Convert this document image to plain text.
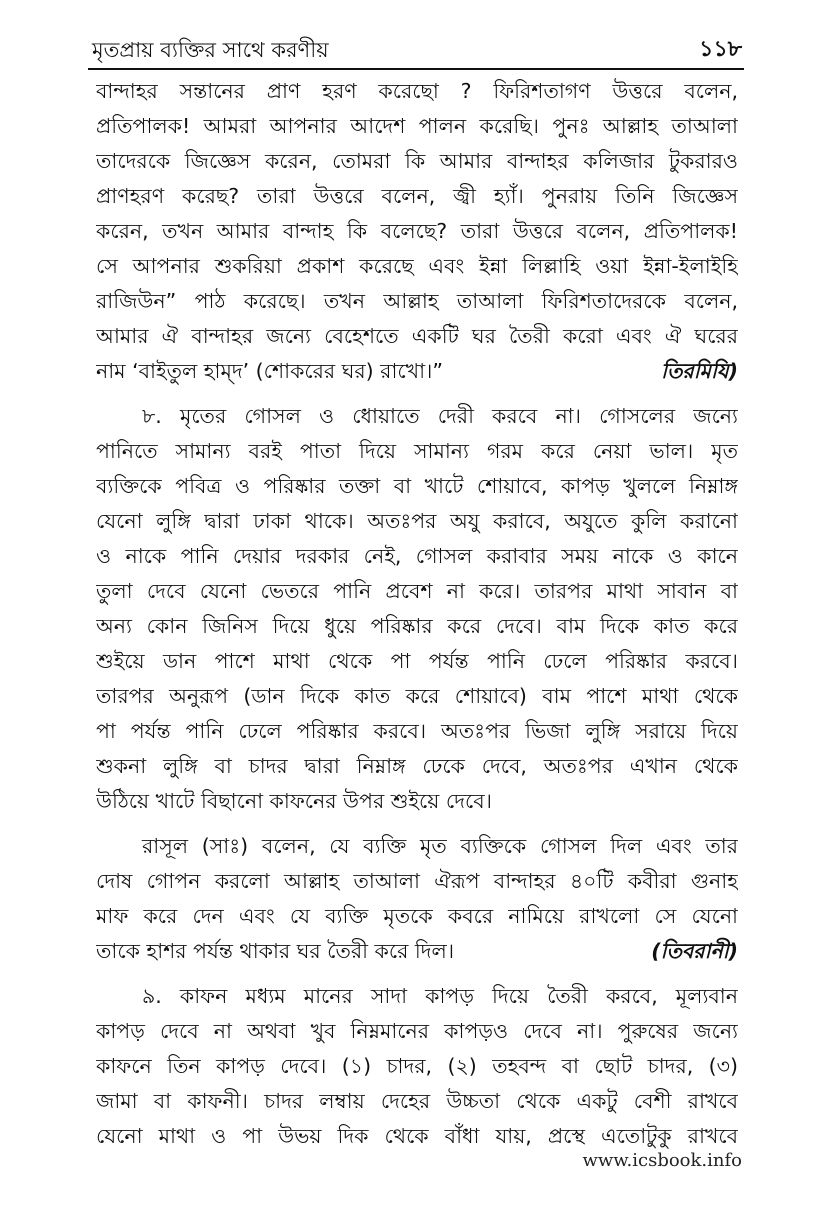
মৃতপ্রায় ব্যক্তির সাথে করণীয়	১১৮

বান্দাহর সন্তানের প্রাণ হরণ করেছো ? ফিরিশতাগণ উত্তরে বলেন,
প্রতিপালক! আমরা আপনার আদেশ পালন করেছি। পুনঃ আল্লাহ তাআলা
তাদেরকে জিজ্ঞেস করেন, তোমরা কি আমার বান্দাহর কলিজার টুকরারও
প্রাণহরণ করেছ? তারা উত্তরে বলেন, জ্বী হ্যাঁ। পুনরায় তিনি জিজ্ঞেস
করেন, তখন আমার বান্দাহ কি বলেছে? তারা উত্তরে বলেন, প্রতিপালক!
সে আপনার শুকরিয়া প্রকাশ করেছে এবং ইন্না লিল্লাহি ওয়া ইন্না-ইলাইহি
রাজিউন” পাঠ করেছে। তখন আল্লাহ তাআলা ফিরিশতাদেরকে বলেন,
আমার ঐ বান্দাহর জন্যে বেহেশতে একটি ঘর তৈরী করো এবং ঐ ঘরের
নাম ‘বাইতুল হাম্‌দ’ (শোকরের ঘর) রাখো।”	তিরমিযি)

৮. মৃতের গোসল ও ধোয়াতে দেরী করবে না। গোসলের জন্যে
পানিতে সামান্য বরই পাতা দিয়ে সামান্য গরম করে নেয়া ভাল। মৃত
ব্যক্তিকে পবিত্র ও পরিষ্কার তক্তা বা খাটে শোয়াবে, কাপড় খুললে নিম্নাঙ্গ
যেনো লুঙ্গি দ্বারা ঢাকা থাকে। অতঃপর অযু করাবে, অযুতে কুলি করানো
ও নাকে পানি দেয়ার দরকার নেই, গোসল করাবার সময় নাকে ও কানে
তুলা দেবে যেনো ভেতরে পানি প্রবেশ না করে। তারপর মাথা সাবান বা
অন্য কোন জিনিস দিয়ে ধুয়ে পরিষ্কার করে দেবে। বাম দিকে কাত করে
শুইয়ে ডান পাশে মাথা থেকে পা পর্যন্ত পানি ঢেলে পরিষ্কার করবে।
তারপর অনুরূপ (ডান দিকে কাত করে শোয়াবে) বাম পাশে মাথা থেকে
পা পর্যন্ত পানি ঢেলে পরিষ্কার করবে। অতঃপর ভিজা লুঙ্গি সরায়ে দিয়ে
শুকনা লুঙ্গি বা চাদর দ্বারা নিম্নাঙ্গ ঢেকে দেবে, অতঃপর এখান থেকে
উঠিয়ে খাটে বিছানো কাফনের উপর শুইয়ে দেবে।

রাসূল (সাঃ) বলেন, যে ব্যক্তি মৃত ব্যক্তিকে গোসল দিল এবং তার
দোষ গোপন করলো আল্লাহ তাআলা ঐরূপ বান্দাহর ৪০টি কবীরা গুনাহ
মাফ করে দেন এবং যে ব্যক্তি মৃতকে কবরে নামিয়ে রাখলো সে যেনো
তাকে হাশর পর্যন্ত থাকার ঘর তৈরী করে দিল।	(তিবরানী)

৯. কাফন মধ্যম মানের সাদা কাপড় দিয়ে তৈরী করবে, মূল্যবান
কাপড় দেবে না অথবা খুব নিম্নমানের কাপড়ও দেবে না। পুরুষের জন্যে
কাফনে তিন কাপড় দেবে। (১) চাদর, (২) তহবন্দ বা ছোট চাদর, (৩)
জামা বা কাফনী। চাদর লম্বায় দেহের উচ্চতা থেকে একটু বেশী রাখবে
যেনো মাথা ও পা উভয় দিক থেকে বাঁধা যায়, প্রস্থে এতোটুকু রাখবে

www.icsbook.info
